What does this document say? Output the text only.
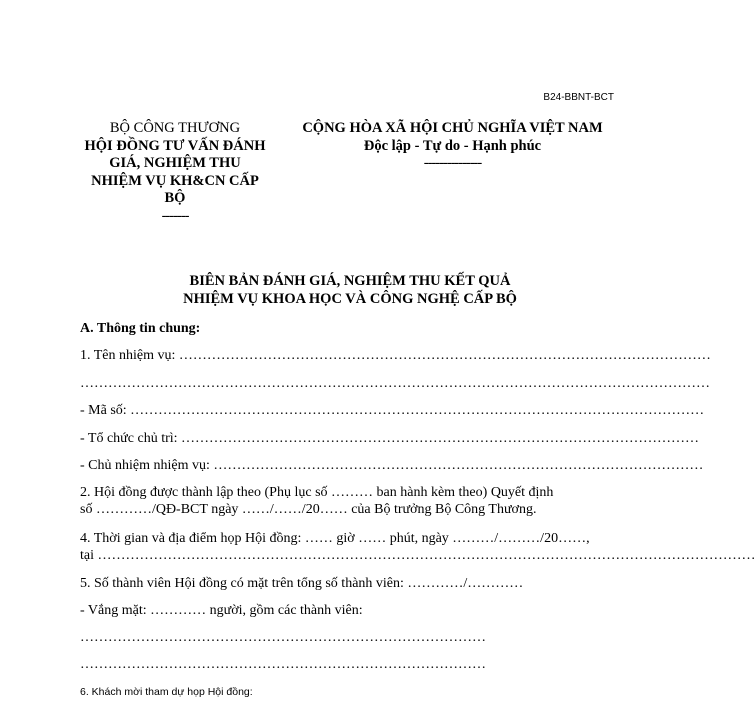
B24-BBNT-BCT
BỘ CÔNG THƯƠNG
HỘI ĐỒNG TƯ VẤN ĐÁNH
GIÁ, NGHIỆM THU
NHIỆM VỤ KH&CN CẤP
BỘ
-------
CỘNG HÒA XÃ HỘI CHỦ NGHĨA VIỆT NAM
Độc lập - Tự do - Hạnh phúc
---------------
BIÊN BẢN ĐÁNH GIÁ, NGHIỆM THU KẾT QUẢ
NHIỆM VỤ KHOA HỌC VÀ CÔNG NGHỆ CẤP BỘ
A. Thông tin chung:
1. Tên nhiệm vụ: ……………………………………………………………………………………………………
………………………………………………………………………………………………………………………
- Mã số: ……………………………………………………………………………………………………………
- Tổ chức chủ trì: …………………………………………………………………………………………………
- Chủ nhiệm nhiệm vụ: ……………………………………………………………………………………………
2. Hội đồng được thành lập theo (Phụ lục số ……… ban hành kèm theo) Quyết định
số …………/QĐ-BCT ngày ……/……/20…… của Bộ trưởng Bộ Công Thương.
4. Thời gian và địa điểm họp Hội đồng: …… giờ …… phút, ngày ………/………/20……,
tại ……………………………………………………………………………………………………………………………
5. Số thành viên Hội đồng có mặt trên tổng số thành viên: …………/…………
- Vắng mặt: ………… người, gồm các thành viên:
……………………………………………………………………………
……………………………………………………………………………
6. Khách mời tham dự họp Hội đồng:
